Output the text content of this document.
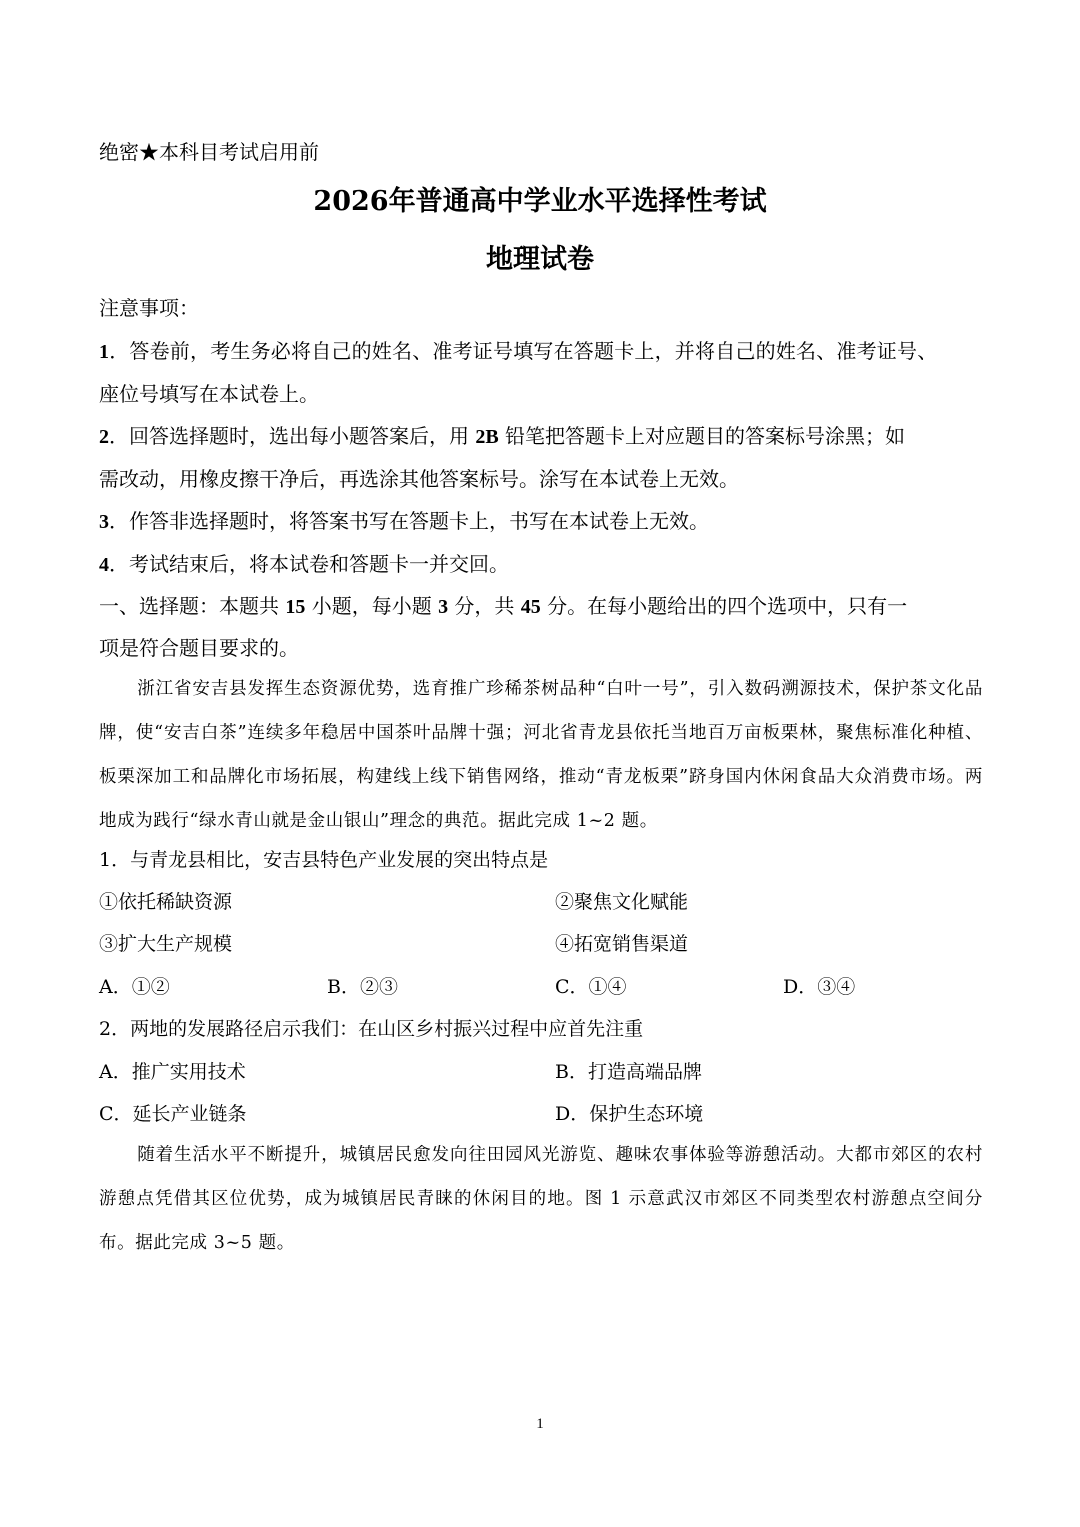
绝密★本科目考试启用前
2026年普通高中学业水平选择性考试
地理试卷
注意事项：
1．答卷前，考生务必将自己的姓名、准考证号填写在答题卡上，并将自己的姓名、准考证号、
座位号填写在本试卷上。
2．回答选择题时，选出每小题答案后，用 2B 铅笔把答题卡上对应题目的答案标号涂黑；如
需改动，用橡皮擦干净后，再选涂其他答案标号。涂写在本试卷上无效。
3．作答非选择题时，将答案书写在答题卡上，书写在本试卷上无效。
4．考试结束后，将本试卷和答题卡一并交回。
一、选择题：本题共 15 小题，每小题 3 分，共 45 分。在每小题给出的四个选项中，只有一
项是符合题目要求的。
浙江省安吉县发挥生态资源优势，选育推广珍稀茶树品种“白叶一号”，引入数码溯源技术，保护茶文化品牌，使“安吉白茶”连续多年稳居中国茶叶品牌十强；河北省青龙县依托当地百万亩板栗林，聚焦标准化种植、板栗深加工和品牌化市场拓展，构建线上线下销售网络，推动“青龙板栗”跻身国内休闲食品大众消费市场。两地成为践行“绿水青山就是金山银山”理念的典范。据此完成 1~2 题。
1．与青龙县相比，安吉县特色产业发展的突出特点是
①依托稀缺资源	②聚焦文化赋能
③扩大生产规模	④拓宽销售渠道
A．①②	B．②③	C．①④	D．③④
2．两地的发展路径启示我们：在山区乡村振兴过程中应首先注重
A．推广实用技术	B．打造高端品牌
C．延长产业链条	D．保护生态环境
随着生活水平不断提升，城镇居民愈发向往田园风光游览、趣味农事体验等游憩活动。大都市郊区的农村游憩点凭借其区位优势，成为城镇居民青睐的休闲目的地。图 1 示意武汉市郊区不同类型农村游憩点空间分布。据此完成 3~5 题。
1
